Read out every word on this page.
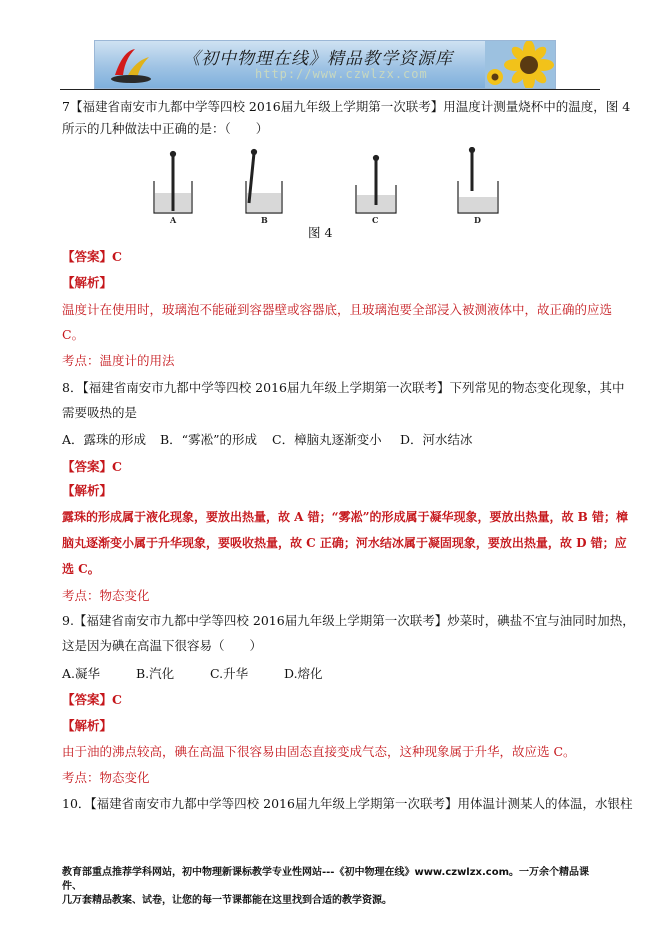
《初中物理在线》精品教学资源库
http://www.czwlzx.com
7【福建省南安市九都中学等四校 2016届九年级上学期第一次联考】用温度计测量烧杯中的温度，图 4
所示的几种做法中正确的是：（　　）
A	B	C	D
图 4
【答案】C
【解析】
温度计在使用时，玻璃泡不能碰到容器壁或容器底，且玻璃泡要全部浸入被测液体中，故正确的应选
C。
考点：温度计的用法
8．【福建省南安市九都中学等四校 2016届九年级上学期第一次联考】下列常见的物态变化现象，其中
需要吸热的是
A．露珠的形成 B．“雾凇”的形成 C．樟脑丸逐渐变小 D．河水结冰
【答案】C
【解析】
露珠的形成属于液化现象，要放出热量，故 A 错；“雾凇”的形成属于凝华现象，要放出热量，故 B 错；樟
脑丸逐渐变小属于升华现象，要吸收热量，故 C 正确；河水结冰属于凝固现象，要放出热量，故 D 错；应
选 C。
考点：物态变化
9.【福建省南安市九都中学等四校 2016届九年级上学期第一次联考】炒菜时，碘盐不宜与油同时加热，
这是因为碘在高温下很容易（　　）
A.凝华	B.汽化	C.升华	D.熔化
【答案】C
【解析】
由于油的沸点较高，碘在高温下很容易由固态直接变成气态，这种现象属于升华，故应选 C。
考点：物态变化
10．【福建省南安市九都中学等四校 2016届九年级上学期第一次联考】用体温计测某人的体温，水银柱
教育部重点推荐学科网站，初中物理新课标教学专业性网站---《初中物理在线》www.czwlzx.com。一万余个精品课件、
几万套精品教案、试卷，让您的每一节课都能在这里找到合适的教学资源。
